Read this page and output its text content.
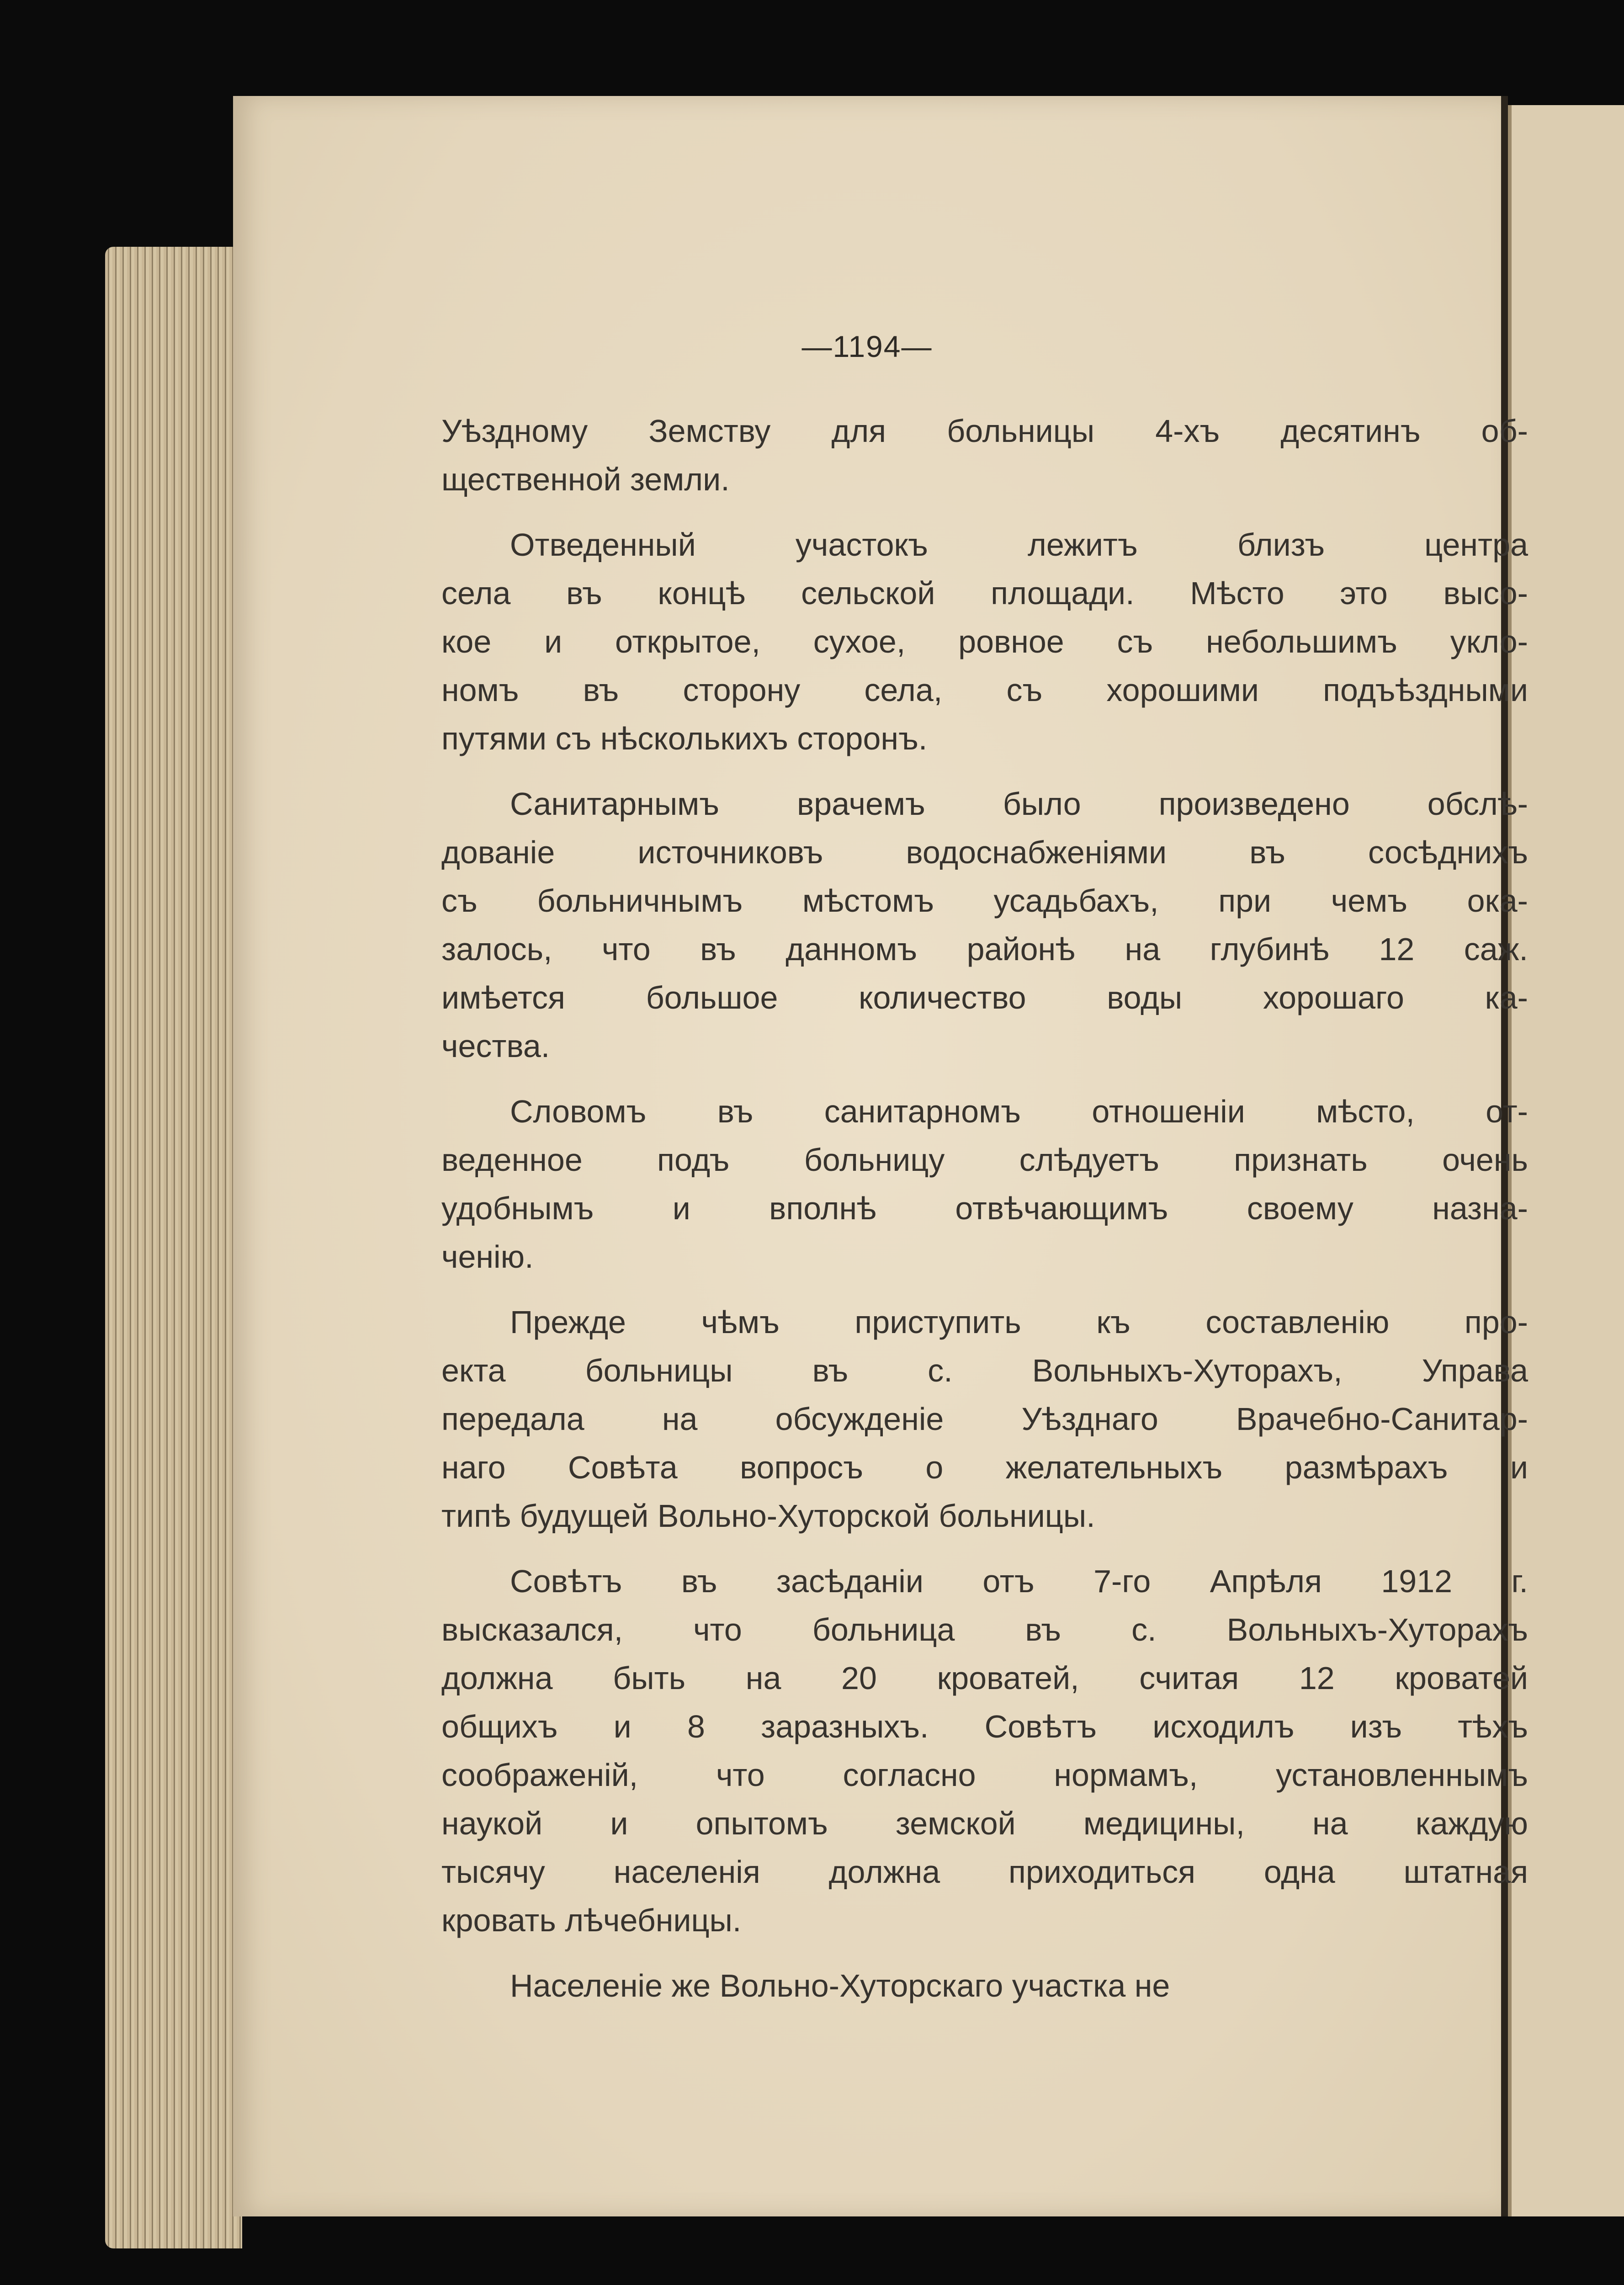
—1194—
Уѣздному Земству для больницы 4-хъ десятинъ об-
щественной земли.
Отведенный участокъ лежитъ близъ центра
села въ концѣ сельской площади. Мѣсто это высо-
кое и открытое, сухое, ровное съ небольшимъ укло-
номъ въ сторону села, съ хорошими подъѣздными
путями съ нѣсколькихъ сторонъ.
Санитарнымъ врачемъ было произведено обслѣ-
дованіе источниковъ водоснабженіями въ сосѣднихъ
съ больничнымъ мѣстомъ усадьбахъ, при чемъ ока-
залось, что въ данномъ районѣ на глубинѣ 12 саж.
имѣется большое количество воды хорошаго ка-
чества.
Словомъ въ санитарномъ отношеніи мѣсто, от-
веденное подъ больницу слѣдуетъ признать очень
удобнымъ и вполнѣ отвѣчающимъ своему назна-
ченію.
Прежде чѣмъ приступить къ составленію про-
екта больницы въ с. Вольныхъ-Хуторахъ, Управа
передала на обсужденіе Уѣзднаго Врачебно-Санитар-
наго Совѣта вопросъ о желательныхъ размѣрахъ и
типѣ будущей Вольно-Хуторской больницы.
Совѣтъ въ засѣданіи отъ 7-го Апрѣля 1912 г.
высказался, что больница въ с. Вольныхъ-Хуторахъ
должна быть на 20 кроватей, считая 12 кроватей
общихъ и 8 заразныхъ. Совѣтъ исходилъ изъ тѣхъ
соображеній, что согласно нормамъ, установленнымъ
наукой и опытомъ земской медицины, на каждую
тысячу населенія должна приходиться одна штатная
кровать лѣчебницы.
Населеніе же Вольно-Хуторскаго участка не
